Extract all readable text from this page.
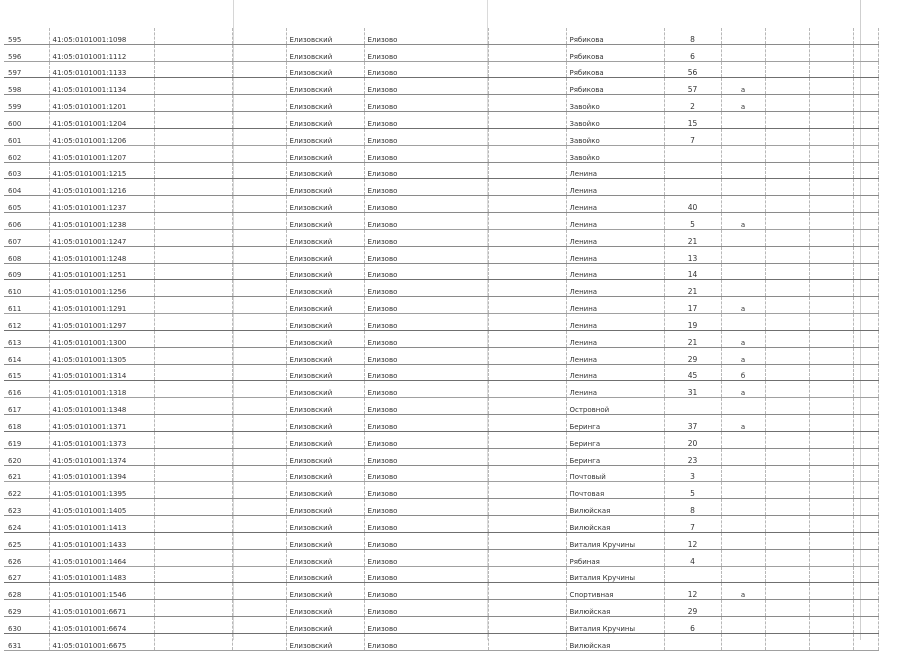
595	41:05:0101001:1098			Елизовский	Елизово		Рябикова	8				
596	41:05:0101001:1112			Елизовский	Елизово		Рябикова	6				
597	41:05:0101001:1133			Елизовский	Елизово		Рябикова	56				
598	41:05:0101001:1134			Елизовский	Елизово		Рябикова	57	а			
599	41:05:0101001:1201			Елизовский	Елизово		Завойко	2	а			
600	41:05:0101001:1204			Елизовский	Елизово		Завойко	15				
601	41:05:0101001:1206			Елизовский	Елизово		Завойко	7				
602	41:05:0101001:1207			Елизовский	Елизово		Завойко					
603	41:05:0101001:1215			Елизовский	Елизово		Ленина					
604	41:05:0101001:1216			Елизовский	Елизово		Ленина					
605	41:05:0101001:1237			Елизовский	Елизово		Ленина	40				
606	41:05:0101001:1238			Елизовский	Елизово		Ленина	5	а			
607	41:05:0101001:1247			Елизовский	Елизово		Ленина	21				
608	41:05:0101001:1248			Елизовский	Елизово		Ленина	13				
609	41:05:0101001:1251			Елизовский	Елизово		Ленина	14				
610	41:05:0101001:1256			Елизовский	Елизово		Ленина	21				
611	41:05:0101001:1291			Елизовский	Елизово		Ленина	17	а			
612	41:05:0101001:1297			Елизовский	Елизово		Ленина	19				
613	41:05:0101001:1300			Елизовский	Елизово		Ленина	21	а			
614	41:05:0101001:1305			Елизовский	Елизово		Ленина	29	а			
615	41:05:0101001:1314			Елизовский	Елизово		Ленина	45	б			
616	41:05:0101001:1318			Елизовский	Елизово		Ленина	31	а			
617	41:05:0101001:1348			Елизовский	Елизово		Островной					
618	41:05:0101001:1371			Елизовский	Елизово		Беринга	37	а			
619	41:05:0101001:1373			Елизовский	Елизово		Беринга	20				
620	41:05:0101001:1374			Елизовский	Елизово		Беринга	23				
621	41:05:0101001:1394			Елизовский	Елизово		Почтовый	3				
622	41:05:0101001:1395			Елизовский	Елизово		Почтовая	5				
623	41:05:0101001:1405			Елизовский	Елизово		Вилюйская	8				
624	41:05:0101001:1413			Елизовский	Елизово		Вилюйская	7				
625	41:05:0101001:1433			Елизовский	Елизово		Виталия Кручины	12				
626	41:05:0101001:1464			Елизовский	Елизово		Рябиная	4				
627	41:05:0101001:1483			Елизовский	Елизово		Виталия Кручины					
628	41:05:0101001:1546			Елизовский	Елизово		Спортивная	12	а			
629	41:05:0101001:6671			Елизовский	Елизово		Вилюйская	29				
630	41:05:0101001:6674			Елизовский	Елизово		Виталия Кручины	6				
631	41:05:0101001:6675			Елизовский	Елизово		Вилюйская					
